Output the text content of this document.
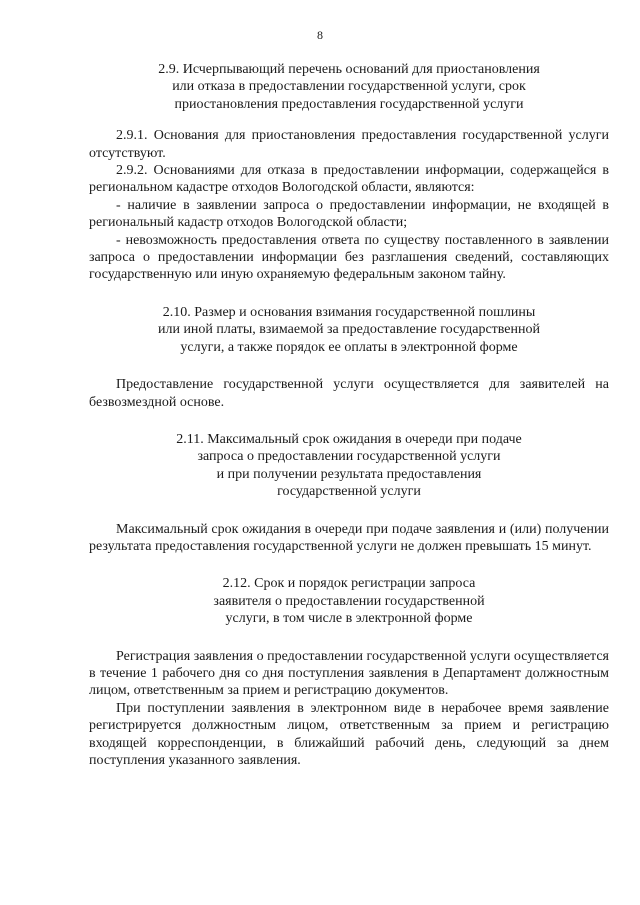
8
2.9. Исчерпывающий перечень оснований для приостановления
или отказа в предоставлении государственной услуги, срок
приостановления предоставления государственной услуги

2.9.1. Основания для приостановления предоставления государственной услуги отсутствуют.

2.9.2. Основаниями для отказа в предоставлении информации, содержащейся в региональном кадастре отходов Вологодской области, являются:

- наличие в заявлении запроса о предоставлении информации, не входящей в региональный кадастр отходов Вологодской области;

- невозможность предоставления ответа по существу поставленного в заявлении запроса о предоставлении информации без разглашения сведений, составляющих государственную или иную охраняемую федеральным законом тайну.

2.10. Размер и основания взимания государственной пошлины
или иной платы, взимаемой за предоставление государственной
услуги, а также порядок ее оплаты в электронной форме

Предоставление государственной услуги осуществляется для заявителей на безвозмездной основе.

2.11. Максимальный срок ожидания в очереди при подаче
запроса о предоставлении государственной услуги
и при получении результата предоставления
государственной услуги

Максимальный срок ожидания в очереди при подаче заявления и (или) получении результата предоставления государственной услуги не должен превышать 15 минут.

2.12. Срок и порядок регистрации запроса
заявителя о предоставлении государственной
услуги, в том числе в электронной форме

Регистрация заявления о предоставлении государственной услуги осуществляется в течение 1 рабочего дня со дня поступления заявления в Департамент должностным лицом, ответственным за прием и регистрацию документов.

При поступлении заявления в электронном виде в нерабочее время заявление регистрируется должностным лицом, ответственным за прием и регистрацию входящей корреспонденции, в ближайший рабочий день, следующий за днем поступления указанного заявления.
